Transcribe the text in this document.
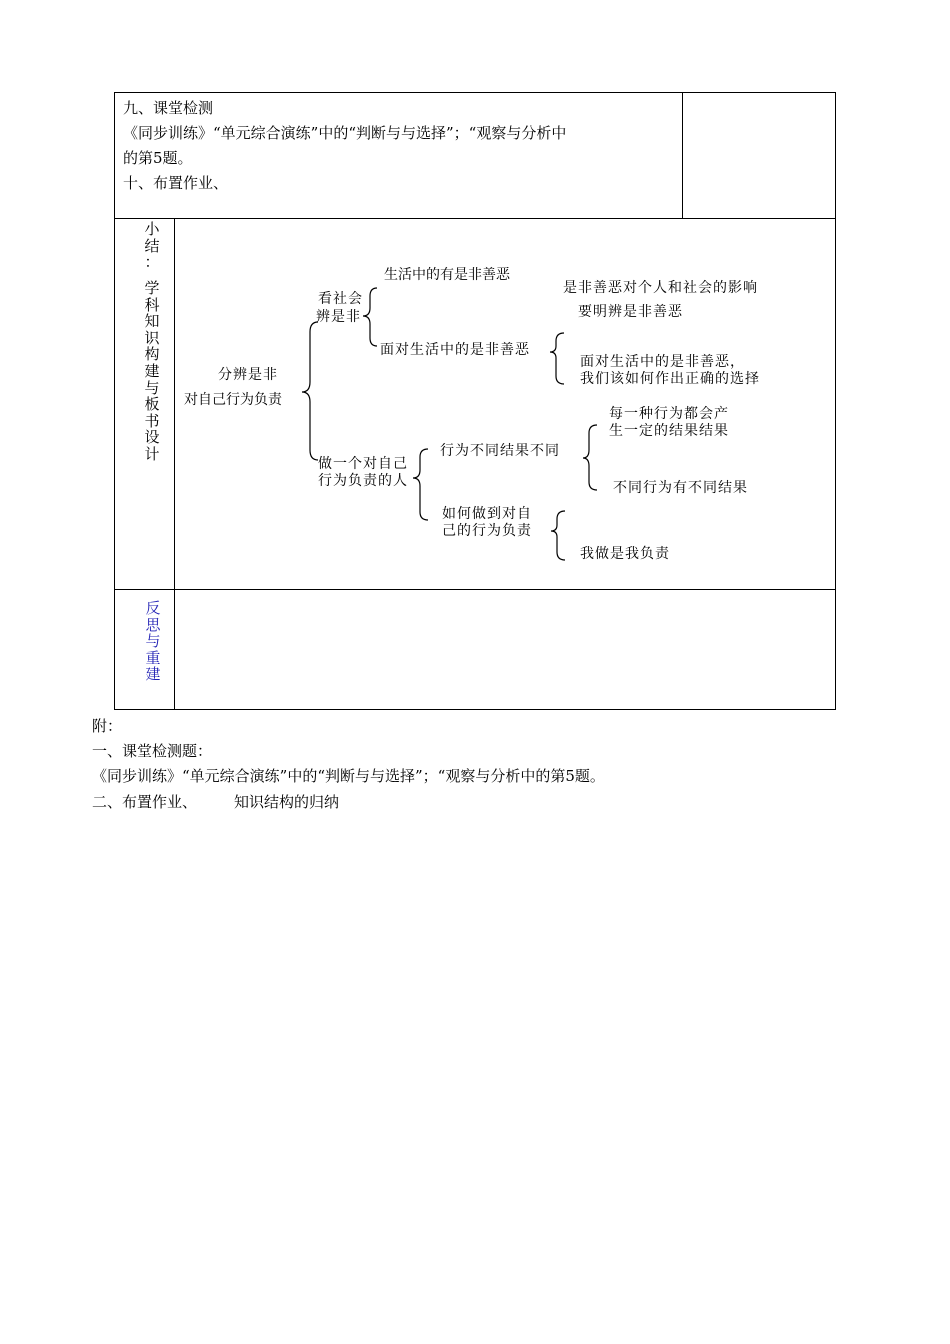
九、课堂检测
《同步训练》“单元综合演练”中的“判断与与选择”；“观察与分析中
的第5题。
十、布置作业、
小
结
：
学
科
知
识
构
建
与
板
书
设
计
分辨是非
对自己行为负责
看社会
辨是非
生活中的有是非善恶
面对生活中的是非善恶
是非善恶对个人和社会的影响
要明辨是非善恶
面对生活中的是非善恶，
我们该如何作出正确的选择
做一个对自己
行为负责的人
行为不同结果不同
每一种行为都会产
生一定的结果结果
不同行为有不同结果
如何做到对自
己的行为负责
我做是我负责
反
思
与
重
建
附：
一、课堂检测题：
《同步训练》“单元综合演练”中的“判断与与选择”；“观察与分析中的第5题。
二、布置作业、 知识结构的归纳
